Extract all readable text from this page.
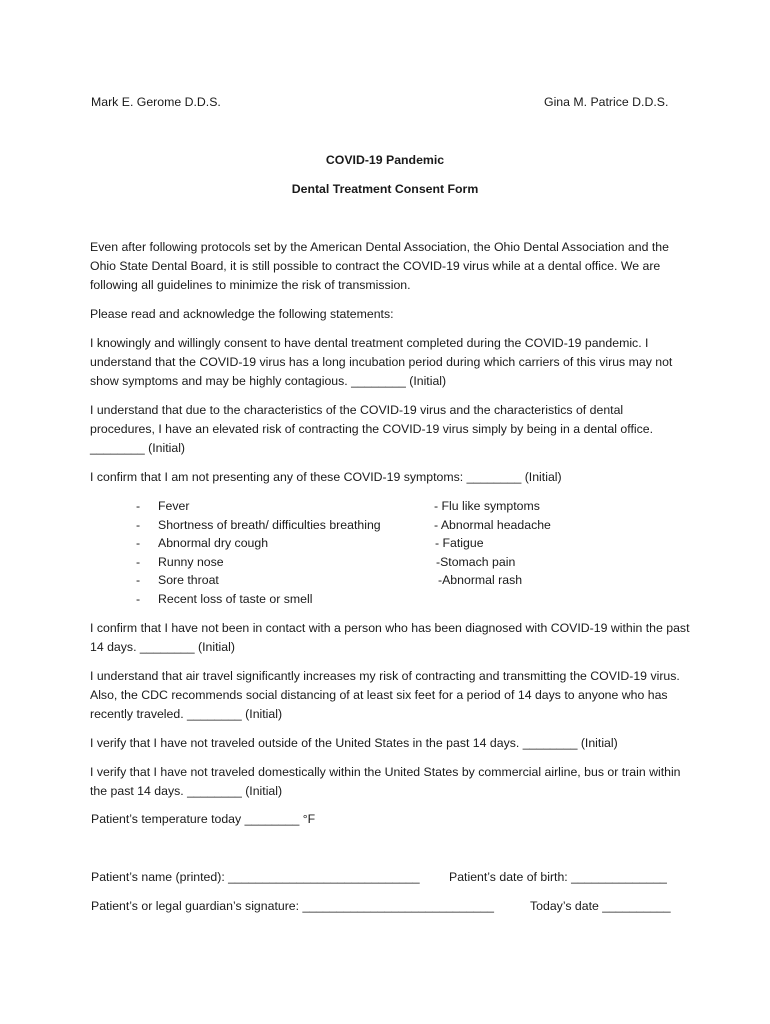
Mark E. Gerome D.D.S.	Gina M. Patrice D.D.S.
COVID-19 Pandemic
Dental Treatment Consent Form
Even after following protocols set by the American Dental Association, the Ohio Dental Association and the Ohio State Dental Board, it is still possible to contract the COVID-19 virus while at a dental office. We are following all guidelines to minimize the risk of transmission.
Please read and acknowledge the following statements:
I knowingly and willingly consent to have dental treatment completed during the COVID-19 pandemic. I understand that the COVID-19 virus has a long incubation period during which carriers of this virus may not show symptoms and may be highly contagious. ________ (Initial)
I understand that due to the characteristics of the COVID-19 virus and the characteristics of dental procedures, I have an elevated risk of contracting the COVID-19 virus simply by being in a dental office. ________ (Initial)
I confirm that I am not presenting any of these COVID-19 symptoms: ________ (Initial)
- Fever
- Shortness of breath/ difficulties breathing
- Abnormal dry cough
- Runny nose
- Sore throat
- Recent loss of taste or smell
- Flu like symptoms
- Abnormal headache
- Fatigue
-Stomach pain
-Abnormal rash
I confirm that I have not been in contact with a person who has been diagnosed with COVID-19 within the past 14 days. ________ (Initial)
I understand that air travel significantly increases my risk of contracting and transmitting the COVID-19 virus. Also, the CDC recommends social distancing of at least six feet for a period of 14 days to anyone who has recently traveled. ________ (Initial)
I verify that I have not traveled outside of the United States in the past 14 days. ________ (Initial)
I verify that I have not traveled domestically within the United States by commercial airline, bus or train within the past 14 days. ________ (Initial)
Patient’s temperature today ________ °F
Patient’s name (printed): ____________________________ Patient’s date of birth: ______________
Patient’s or legal guardian’s signature: ____________________________	Today’s date __________
